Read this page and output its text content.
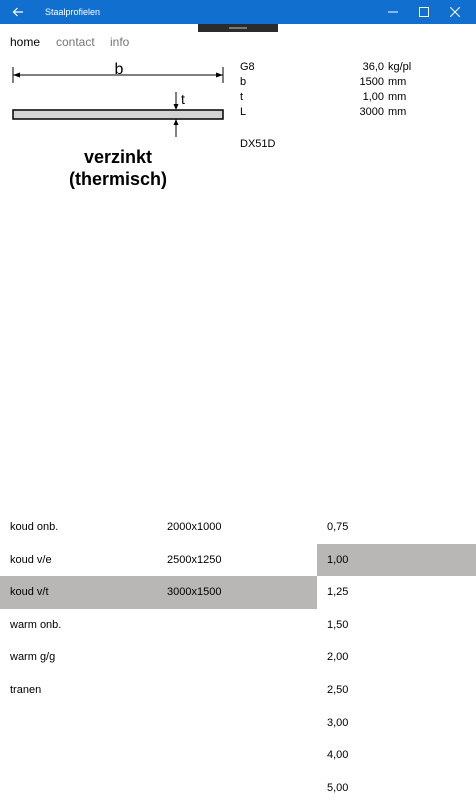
Staalprofielen
home contact info
b
t
verzinkt
(thermisch)
G8	36,0 kg/pl
b	1500 mm
t	1,00 mm
L	3000 mm
DX51D
koud onb.	2000x1000
koud v/e	2500x1250
koud v/t	3000x1500
warm onb.
warm g/g
tranen
0,75
1,00
1,25
1,50
2,00
2,50
3,00
4,00
5,00
